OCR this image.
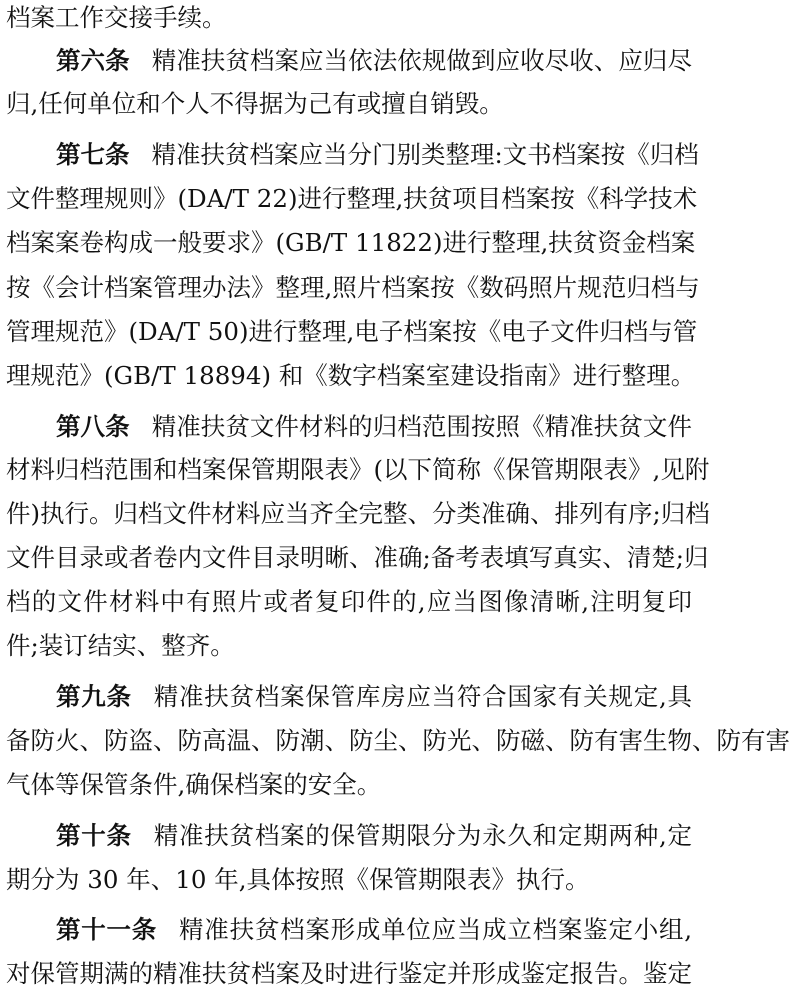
档案工作交接手续。
第六条 精准扶贫档案应当依法依规做到应收尽收、应归尽
归,任何单位和个人不得据为己有或擅自销毁。
第七条 精准扶贫档案应当分门别类整理:文书档案按《归档
文件整理规则》(DA/T 22)进行整理,扶贫项目档案按《科学技术
档案案卷构成一般要求》(GB/T 11822)进行整理,扶贫资金档案
按《会计档案管理办法》整理,照片档案按《数码照片规范归档与
管理规范》(DA/T 50)进行整理,电子档案按《电子文件归档与管
理规范》(GB/T 18894) 和《数字档案室建设指南》进行整理。
第八条 精准扶贫文件材料的归档范围按照《精准扶贫文件
材料归档范围和档案保管期限表》(以下简称《保管期限表》,见附
件)执行。归档文件材料应当齐全完整、分类准确、排列有序;归档
文件目录或者卷内文件目录明晰、准确;备考表填写真实、清楚;归
档的文件材料中有照片或者复印件的,应当图像清晰,注明复印
件;装订结实、整齐。
第九条 精准扶贫档案保管库房应当符合国家有关规定,具
备防火、防盗、防高温、防潮、防尘、防光、防磁、防有害生物、防有害
气体等保管条件,确保档案的安全。
第十条 精准扶贫档案的保管期限分为永久和定期两种,定
期分为 30 年、10 年,具体按照《保管期限表》执行。
第十一条 精准扶贫档案形成单位应当成立档案鉴定小组,
对保管期满的精准扶贫档案及时进行鉴定并形成鉴定报告。鉴定
